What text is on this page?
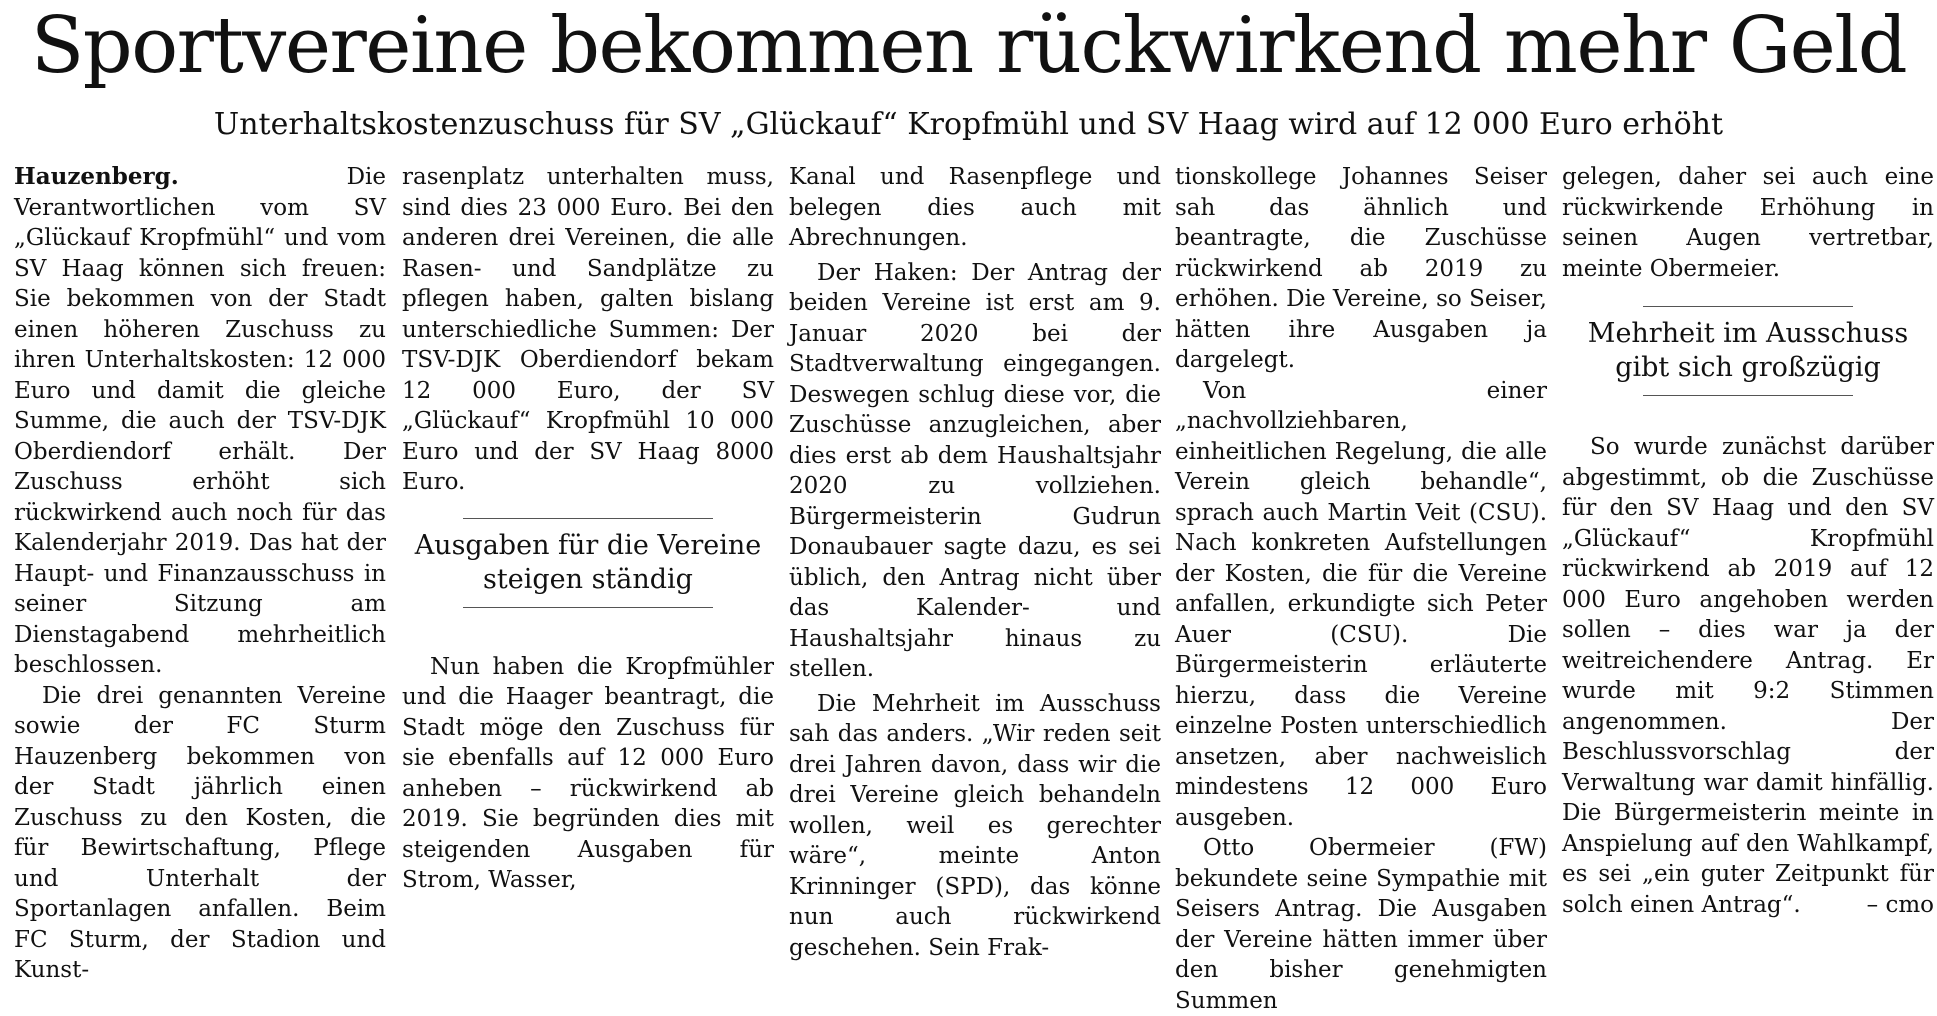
Sportvereine bekommen rückwirkend mehr Geld
Unterhaltskostenzuschuss für SV „Glückauf“ Kropfmühl und SV Haag wird auf 12 000 Euro erhöht

Hauzenberg.	Die Verantwortlichen vom SV „Glückauf Kropfmühl“ und vom SV Haag können sich freuen: Sie bekommen von der Stadt einen höheren Zuschuss zu ihren Unterhaltskosten: 12 000 Euro und damit die gleiche Summe, die auch der TSV-DJK Oberdiendorf erhält. Der Zuschuss erhöht sich rückwirkend auch noch für das Kalenderjahr 2019. Das hat der Haupt- und Finanzausschuss in seiner Sitzung am Dienstagabend mehrheitlich beschlossen.

Die drei genannten Vereine sowie der FC Sturm Hauzenberg bekommen von der Stadt jährlich einen Zuschuss zu den Kosten, die für Bewirtschaftung, Pflege und Unterhalt der Sportanlagen anfallen. Beim FC Sturm, der Stadion und Kunst-

rasenplatz unterhalten muss, sind dies 23 000 Euro. Bei den anderen drei Vereinen, die alle Rasen- und Sandplätze zu pflegen haben, galten bislang unterschiedliche Summen: Der TSV-DJK Oberdiendorf bekam 12 000 Euro, der SV „Glückauf“ Kropfmühl 10 000 Euro und der SV Haag 8000 Euro.

Ausgaben für die Vereine steigen ständig

Nun haben die Kropfmühler und die Haager beantragt, die Stadt möge den Zuschuss für sie ebenfalls auf 12 000 Euro anheben – rückwirkend ab 2019. Sie begründen dies mit steigenden Ausgaben für Strom, Wasser,

Kanal und Rasenpflege und belegen dies auch mit Abrechnungen.

Der Haken: Der Antrag der beiden Vereine ist erst am 9. Januar 2020 bei der Stadtverwaltung eingegangen. Deswegen schlug diese vor, die Zuschüsse anzugleichen, aber dies erst ab dem Haushaltsjahr 2020 zu vollziehen. Bürgermeisterin Gudrun Donaubauer sagte dazu, es sei üblich, den Antrag nicht über das Kalender- und Haushaltsjahr hinaus zu stellen.

Die Mehrheit im Ausschuss sah das anders. „Wir reden seit drei Jahren davon, dass wir die drei Vereine gleich behandeln wollen, weil es gerechter wäre“, meinte Anton Krinninger (SPD), das könne nun auch rückwirkend geschehen. Sein Frak-

tionskollege Johannes Seiser sah das ähnlich und beantragte, die Zuschüsse rückwirkend ab 2019 zu erhöhen. Die Vereine, so Seiser, hätten ihre Ausgaben ja dargelegt.

Von einer „nachvollziehbaren, einheitlichen Regelung, die alle Verein gleich behandle“, sprach auch Martin Veit (CSU). Nach konkreten Aufstellungen der Kosten, die für die Vereine anfallen, erkundigte sich Peter Auer (CSU). Die Bürgermeisterin erläuterte hierzu, dass die Vereine einzelne Posten unterschiedlich ansetzen, aber nachweislich mindestens 12 000 Euro ausgeben.

Otto Obermeier (FW) bekundete seine Sympathie mit Seisers Antrag. Die Ausgaben der Vereine hätten immer über den bisher genehmigten Summen

gelegen, daher sei auch eine rückwirkende Erhöhung in seinen Augen vertretbar, meinte Obermeier.

Mehrheit im Ausschuss gibt sich großzügig

So wurde zunächst darüber abgestimmt, ob die Zuschüsse für den SV Haag und den SV „Glückauf“ Kropfmühl rückwirkend ab 2019 auf 12 000 Euro angehoben werden sollen – dies war ja der weitreichendere Antrag. Er wurde mit 9:2 Stimmen angenommen. Der Beschlussvorschlag der Verwaltung war damit hinfällig. Die Bürgermeisterin meinte in Anspielung auf den Wahlkampf, es sei „ein guter Zeitpunkt für solch einen Antrag“.	– cmo
